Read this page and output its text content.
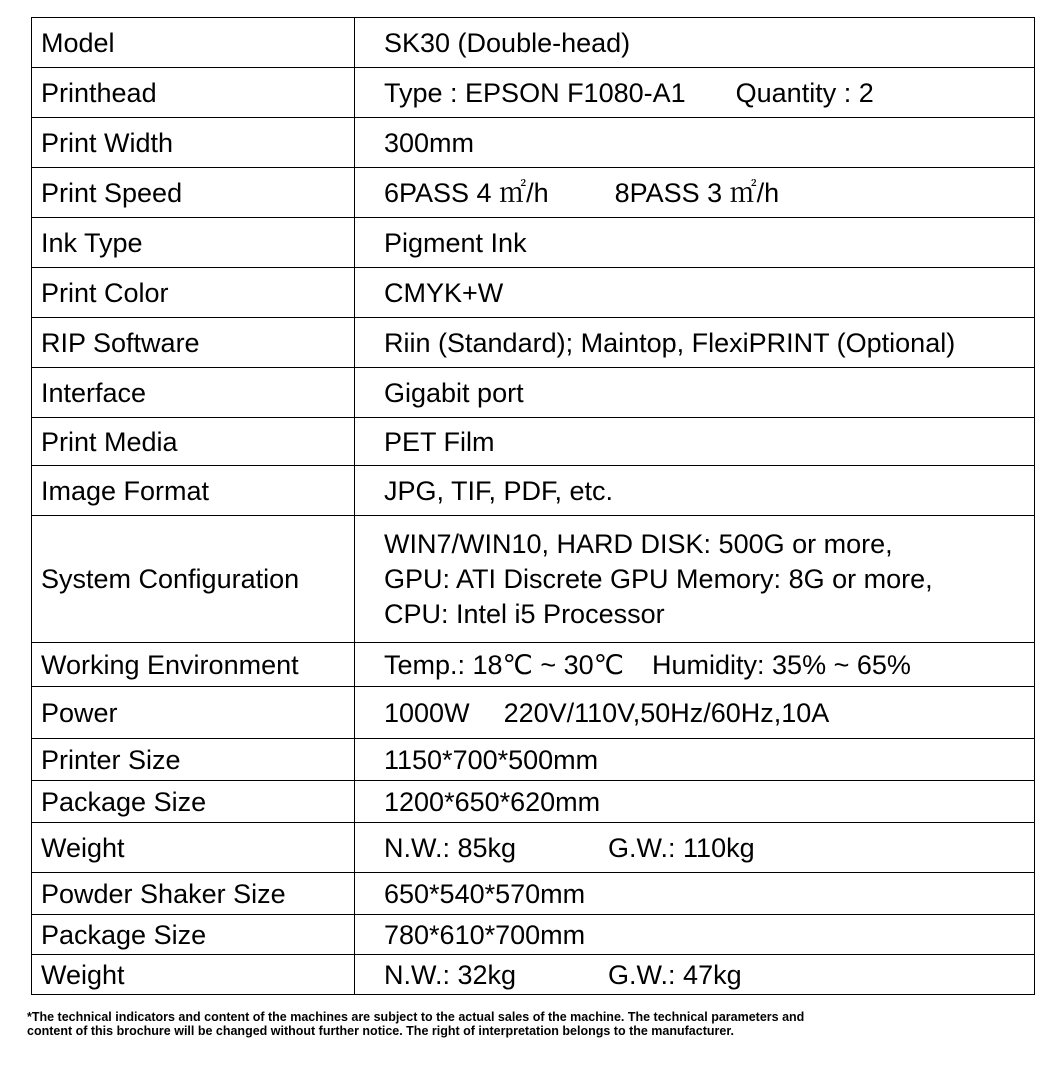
Model	SK30 (Double-head)
Printhead	Type : EPSON F1080-A1 Quantity : 2
Print Width	300mm
Print Speed	6PASS 4 ㎡/h 8PASS 3 ㎡/h
Ink Type	Pigment Ink
Print Color	CMYK+W
RIP Software	Riin (Standard); Maintop, FlexiPRINT (Optional)
Interface	Gigabit port
Print Media	PET Film
Image Format	JPG, TIF, PDF, etc.
System Configuration	WIN7/WIN10, HARD DISK: 500G or more,
GPU: ATI Discrete GPU Memory: 8G or more,
CPU: Intel i5 Processor

Working Environment	Temp.: 18℃ ~ 30℃ Humidity: 35% ~ 65%
Power	1000W 220V/110V,50Hz/60Hz,10A
Printer Size	1150*700*500mm
Package Size	1200*650*620mm
Weight	N.W.: 85kg G.W.: 110kg
Powder Shaker Size	650*540*570mm
Package Size	780*610*700mm
Weight	N.W.: 32kg G.W.: 47kg
*The technical indicators and content of the machines are subject to the actual sales of the machine. The technical parameters and
content of this brochure will be changed without further notice. The right of interpretation belongs to the manufacturer.
